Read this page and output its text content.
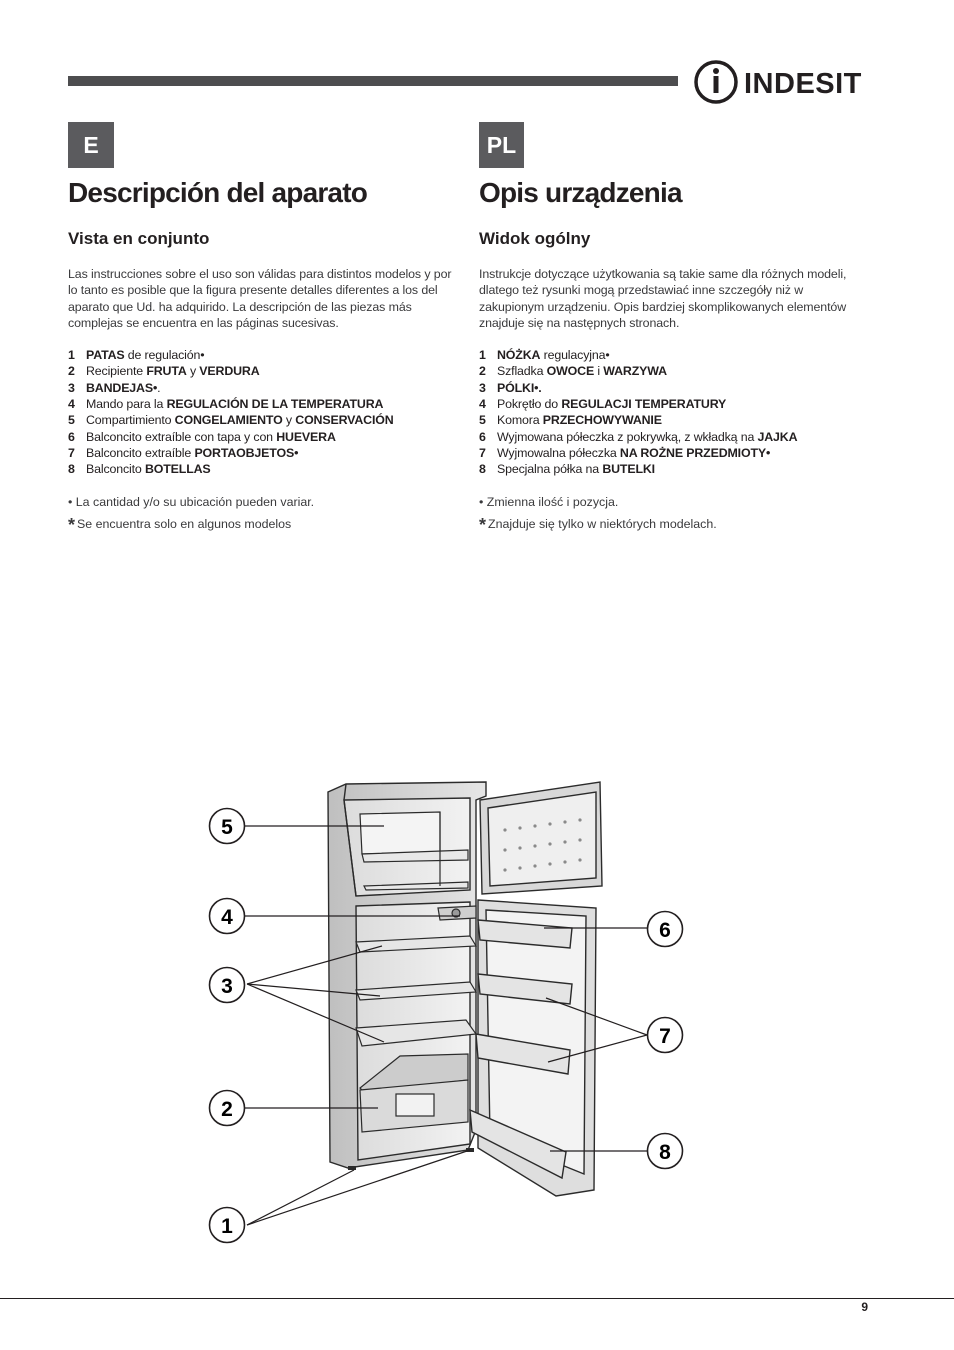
INDESIT
E	PL
Descripción del aparato
Vista en conjunto

Las instrucciones sobre el uso son válidas para distintos modelos y por lo tanto es posible que la figura presente detalles diferentes a los del aparato que Ud. ha adquirido. La descripción de las piezas más complejas se encuentra en las páginas sucesivas.

1 PATAS de regulación•
2 Recipiente FRUTA y VERDURA
3 BANDEJAS•.
4 Mando para la REGULACIÓN DE LA TEMPERATURA
5 Compartimiento CONGELAMIENTO y CONSERVACIÓN
6 Balconcito extraíble con tapa y con HUEVERA
7 Balconcito extraíble PORTAOBJETOS•
8 Balconcito BOTELLAS
• La cantidad y/o su ubicación pueden variar.
* Se encuentra solo en algunos modelos
Opis urządzenia
Widok ogólny

Instrukcje dotyczące użytkowania są takie same dla różnych modeli, dlatego też rysunki mogą przedstawiać inne szczegóły niż w zakupionym urządzeniu. Opis bardziej skomplikowanych elementów znajduje się na następnych stronach.

1 NÓŻKA regulacyjna•
2 Szfladka OWOCE i WARZYWA
3 PÓLKI•.
4 Pokrętło do REGULACJI TEMPERATURY
5 Komora PRZECHOWYWANIE
6 Wyjmowana półeczka z pokrywką, z wkładką na JAJKA
7 Wyjmowalna półeczka NA ROŻNE PRZEDMIOTY•
8 Specjalna półka na BUTELKI
• Zmienna ilość i pozycja.
* Znajduje się tylko w niektórych modelach.
5
4
3
2
1
6
7
8
9
